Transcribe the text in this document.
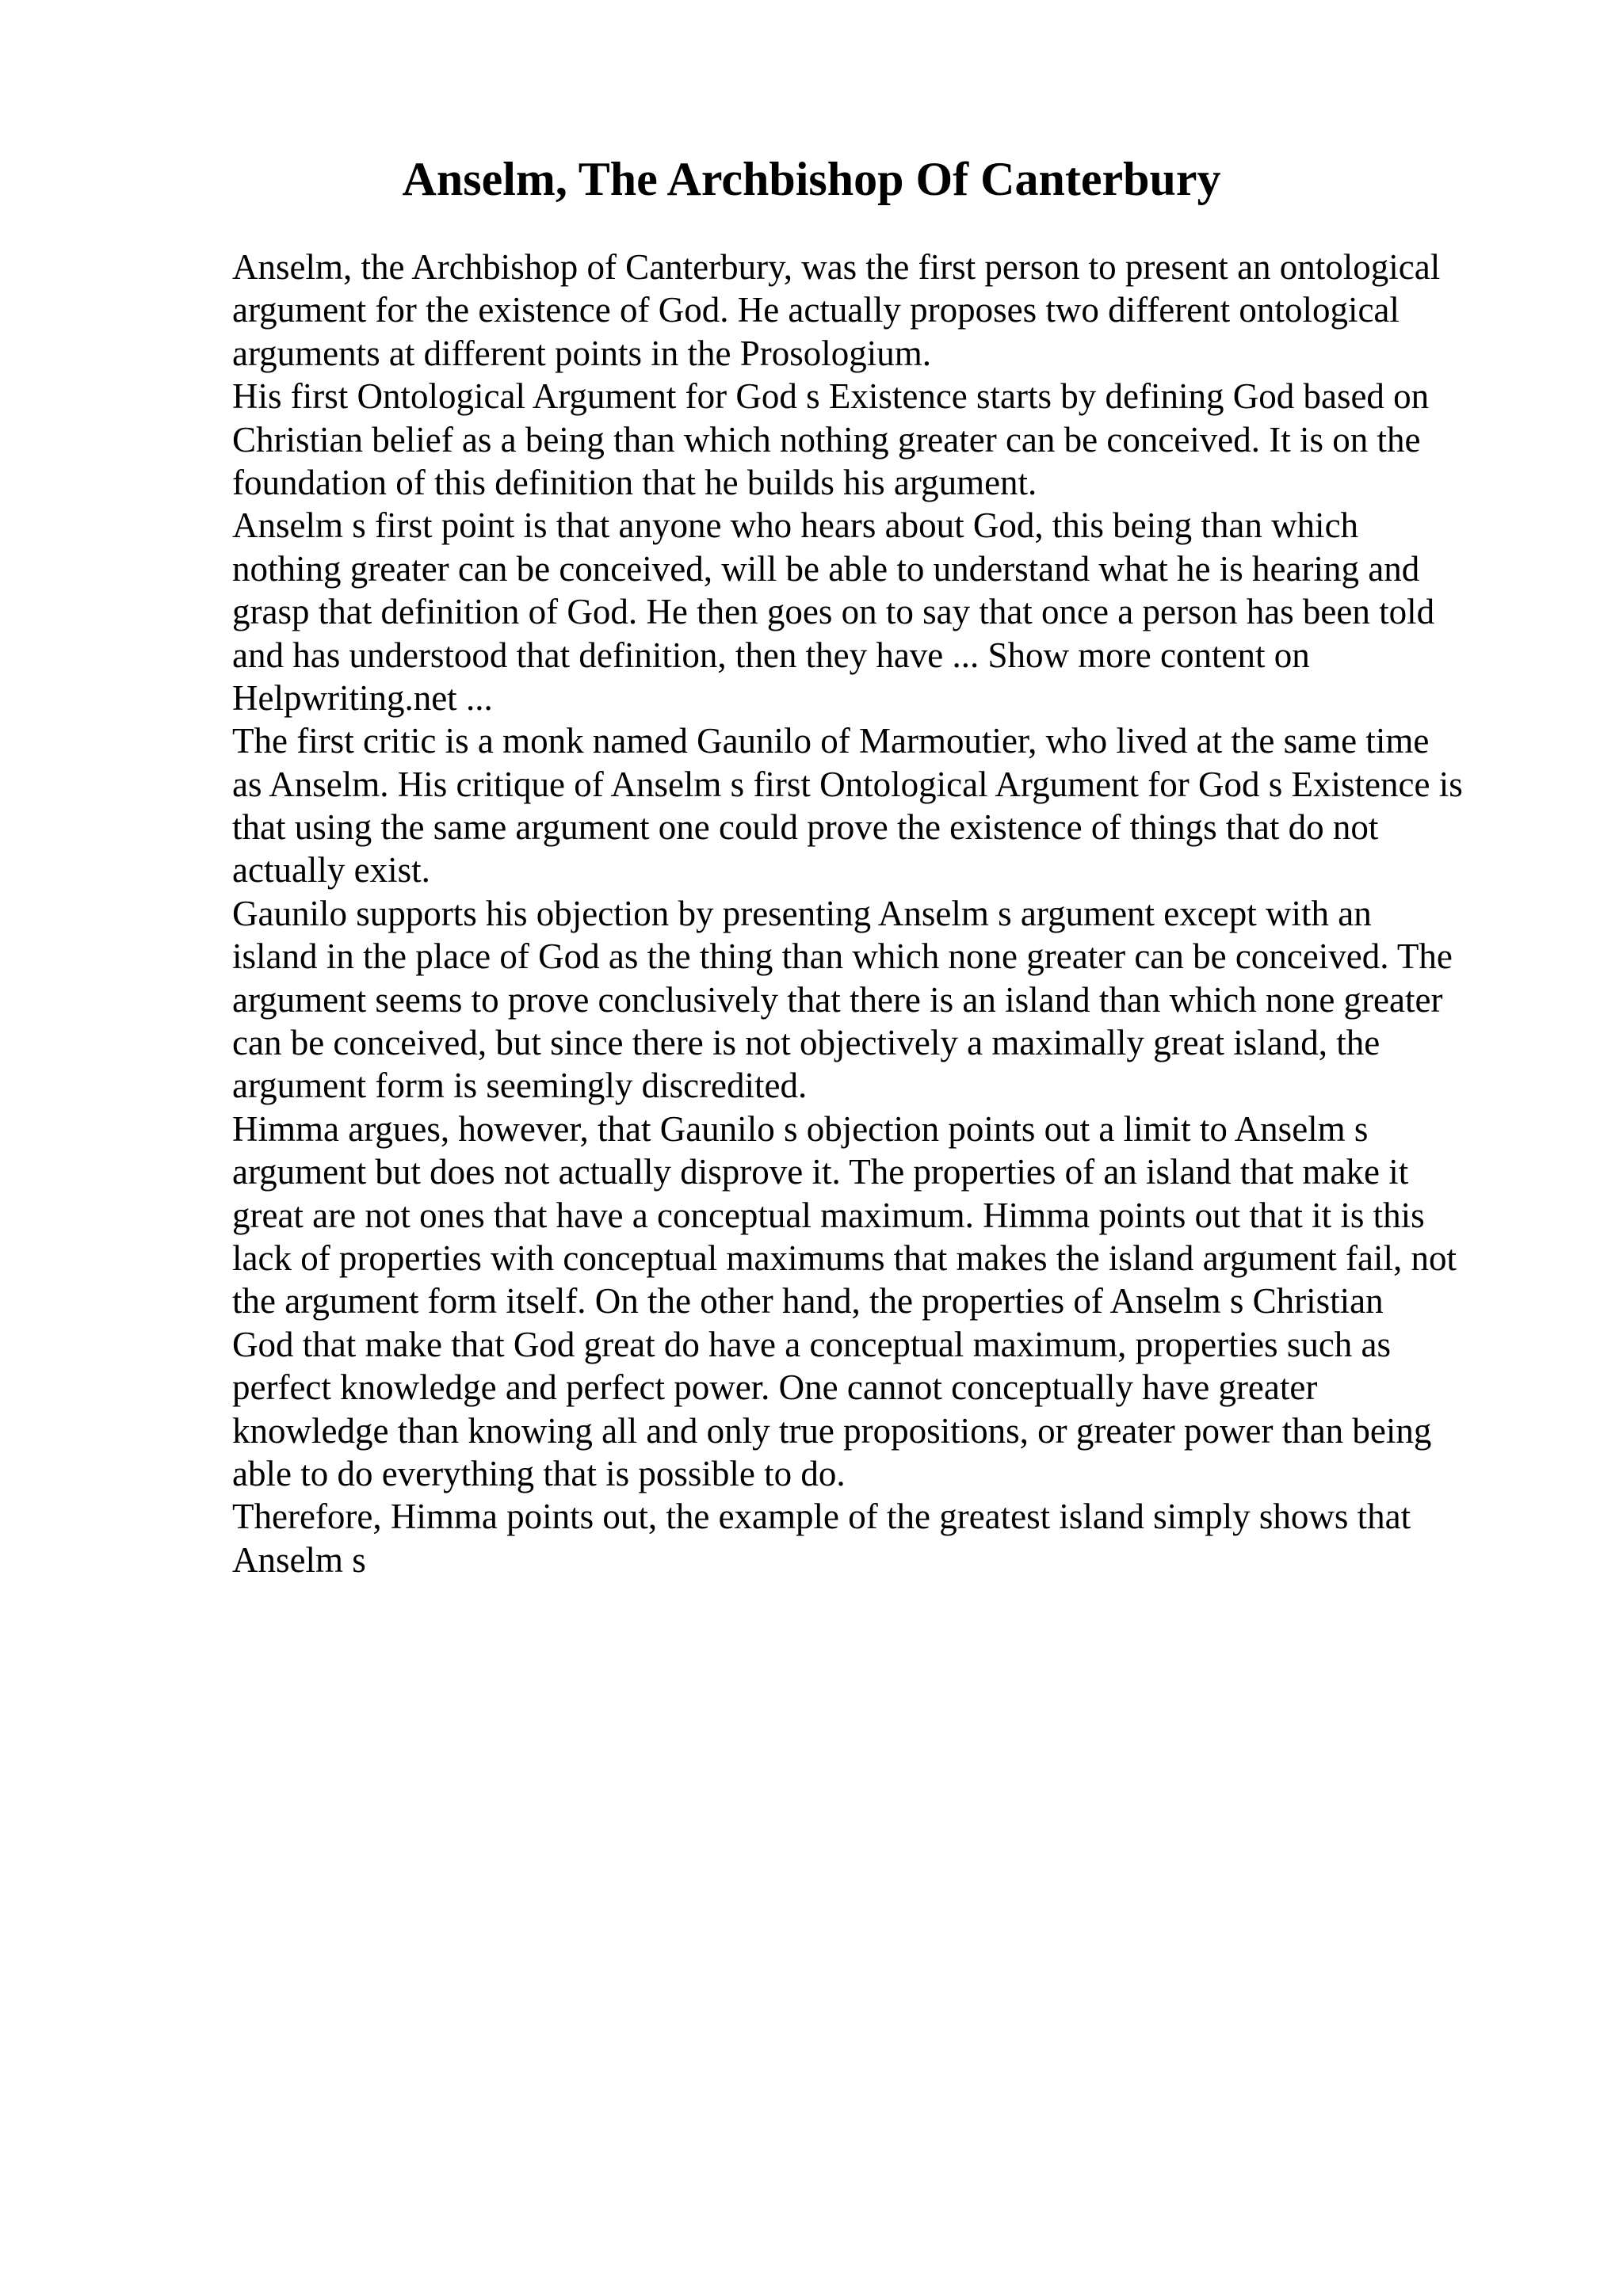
Anselm, The Archbishop Of Canterbury
Anselm, the Archbishop of Canterbury, was the first person to present an ontological
argument for the existence of God. He actually proposes two different ontological
arguments at different points in the Prosologium.
His first Ontological Argument for God s Existence starts by defining God based on
Christian belief as a being than which nothing greater can be conceived. It is on the
foundation of this definition that he builds his argument.
Anselm s first point is that anyone who hears about God, this being than which
nothing greater can be conceived, will be able to understand what he is hearing and
grasp that definition of God. He then goes on to say that once a person has been told
and has understood that definition, then they have ... Show more content on
Helpwriting.net ...
The first critic is a monk named Gaunilo of Marmoutier, who lived at the same time
as Anselm. His critique of Anselm s first Ontological Argument for God s Existence is
that using the same argument one could prove the existence of things that do not
actually exist.
Gaunilo supports his objection by presenting Anselm s argument except with an
island in the place of God as the thing than which none greater can be conceived. The
argument seems to prove conclusively that there is an island than which none greater
can be conceived, but since there is not objectively a maximally great island, the
argument form is seemingly discredited.
Himma argues, however, that Gaunilo s objection points out a limit to Anselm s
argument but does not actually disprove it. The properties of an island that make it
great are not ones that have a conceptual maximum. Himma points out that it is this
lack of properties with conceptual maximums that makes the island argument fail, not
the argument form itself. On the other hand, the properties of Anselm s Christian
God that make that God great do have a conceptual maximum, properties such as
perfect knowledge and perfect power. One cannot conceptually have greater
knowledge than knowing all and only true propositions, or greater power than being
able to do everything that is possible to do.
Therefore, Himma points out, the example of the greatest island simply shows that
Anselm s
